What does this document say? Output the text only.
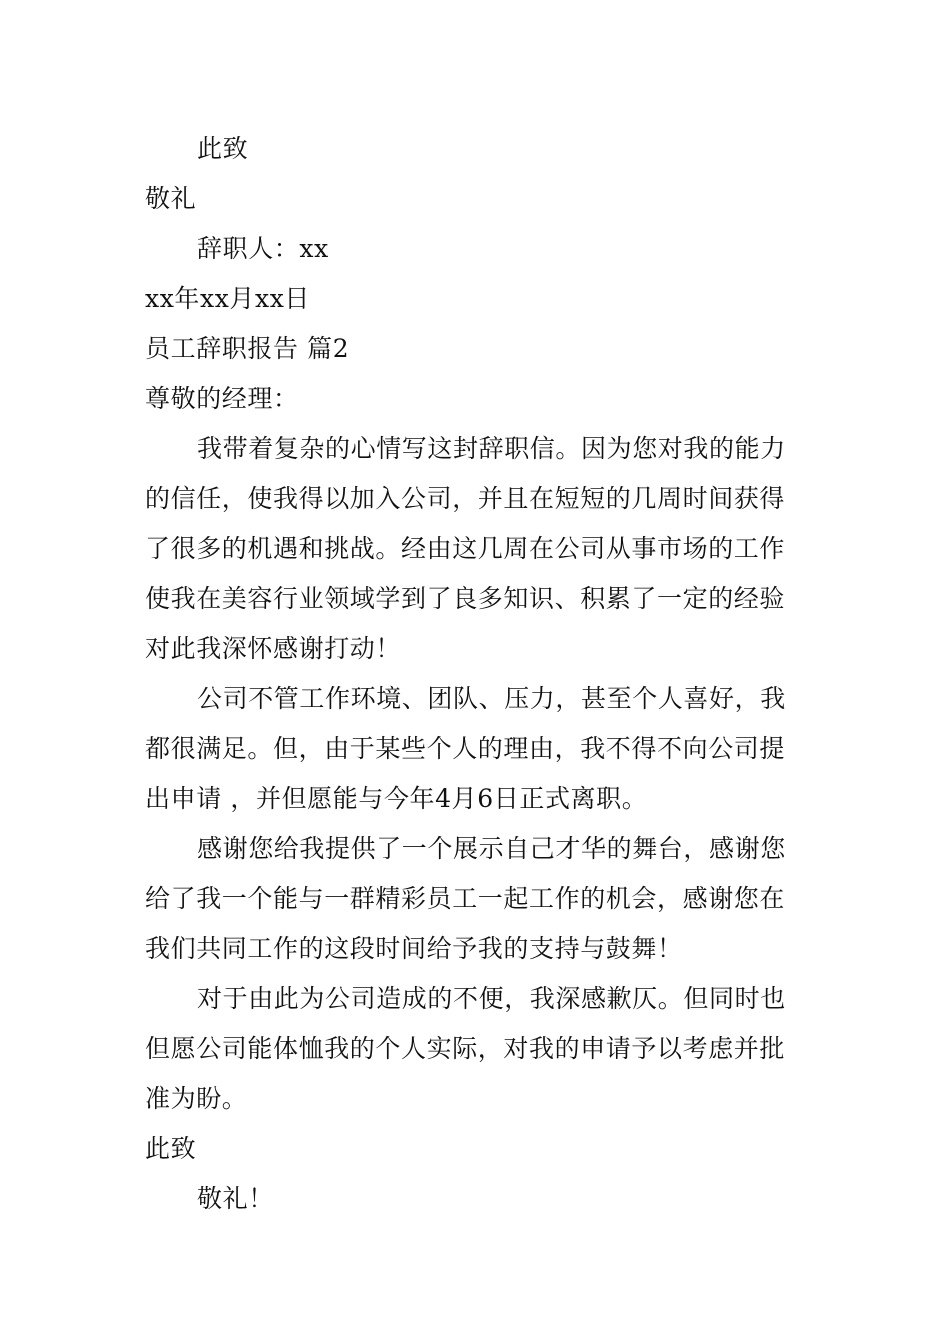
此致
敬礼
辞职人：xx
xx年xx月xx日
员工辞职报告 篇2
尊敬的经理：
我带着复杂的心情写这封辞职信。因为您对我的能力
的信任，使我得以加入公司，并且在短短的几周时间获得
了很多的机遇和挑战。经由这几周在公司从事市场的工作
使我在美容行业领域学到了良多知识、积累了一定的经验
对此我深怀感谢打动！
公司不管工作环境、团队、压力，甚至个人喜好，我
都很满足。但，由于某些个人的理由，我不得不向公司提
出申请 ，并但愿能与今年4月6日正式离职。
感谢您给我提供了一个展示自己才华的舞台，感谢您
给了我一个能与一群精彩员工一起工作的机会，感谢您在
我们共同工作的这段时间给予我的支持与鼓舞！
对于由此为公司造成的不便，我深感歉仄。但同时也
但愿公司能体恤我的个人实际，对我的申请予以考虑并批
准为盼。
此致
敬礼！
